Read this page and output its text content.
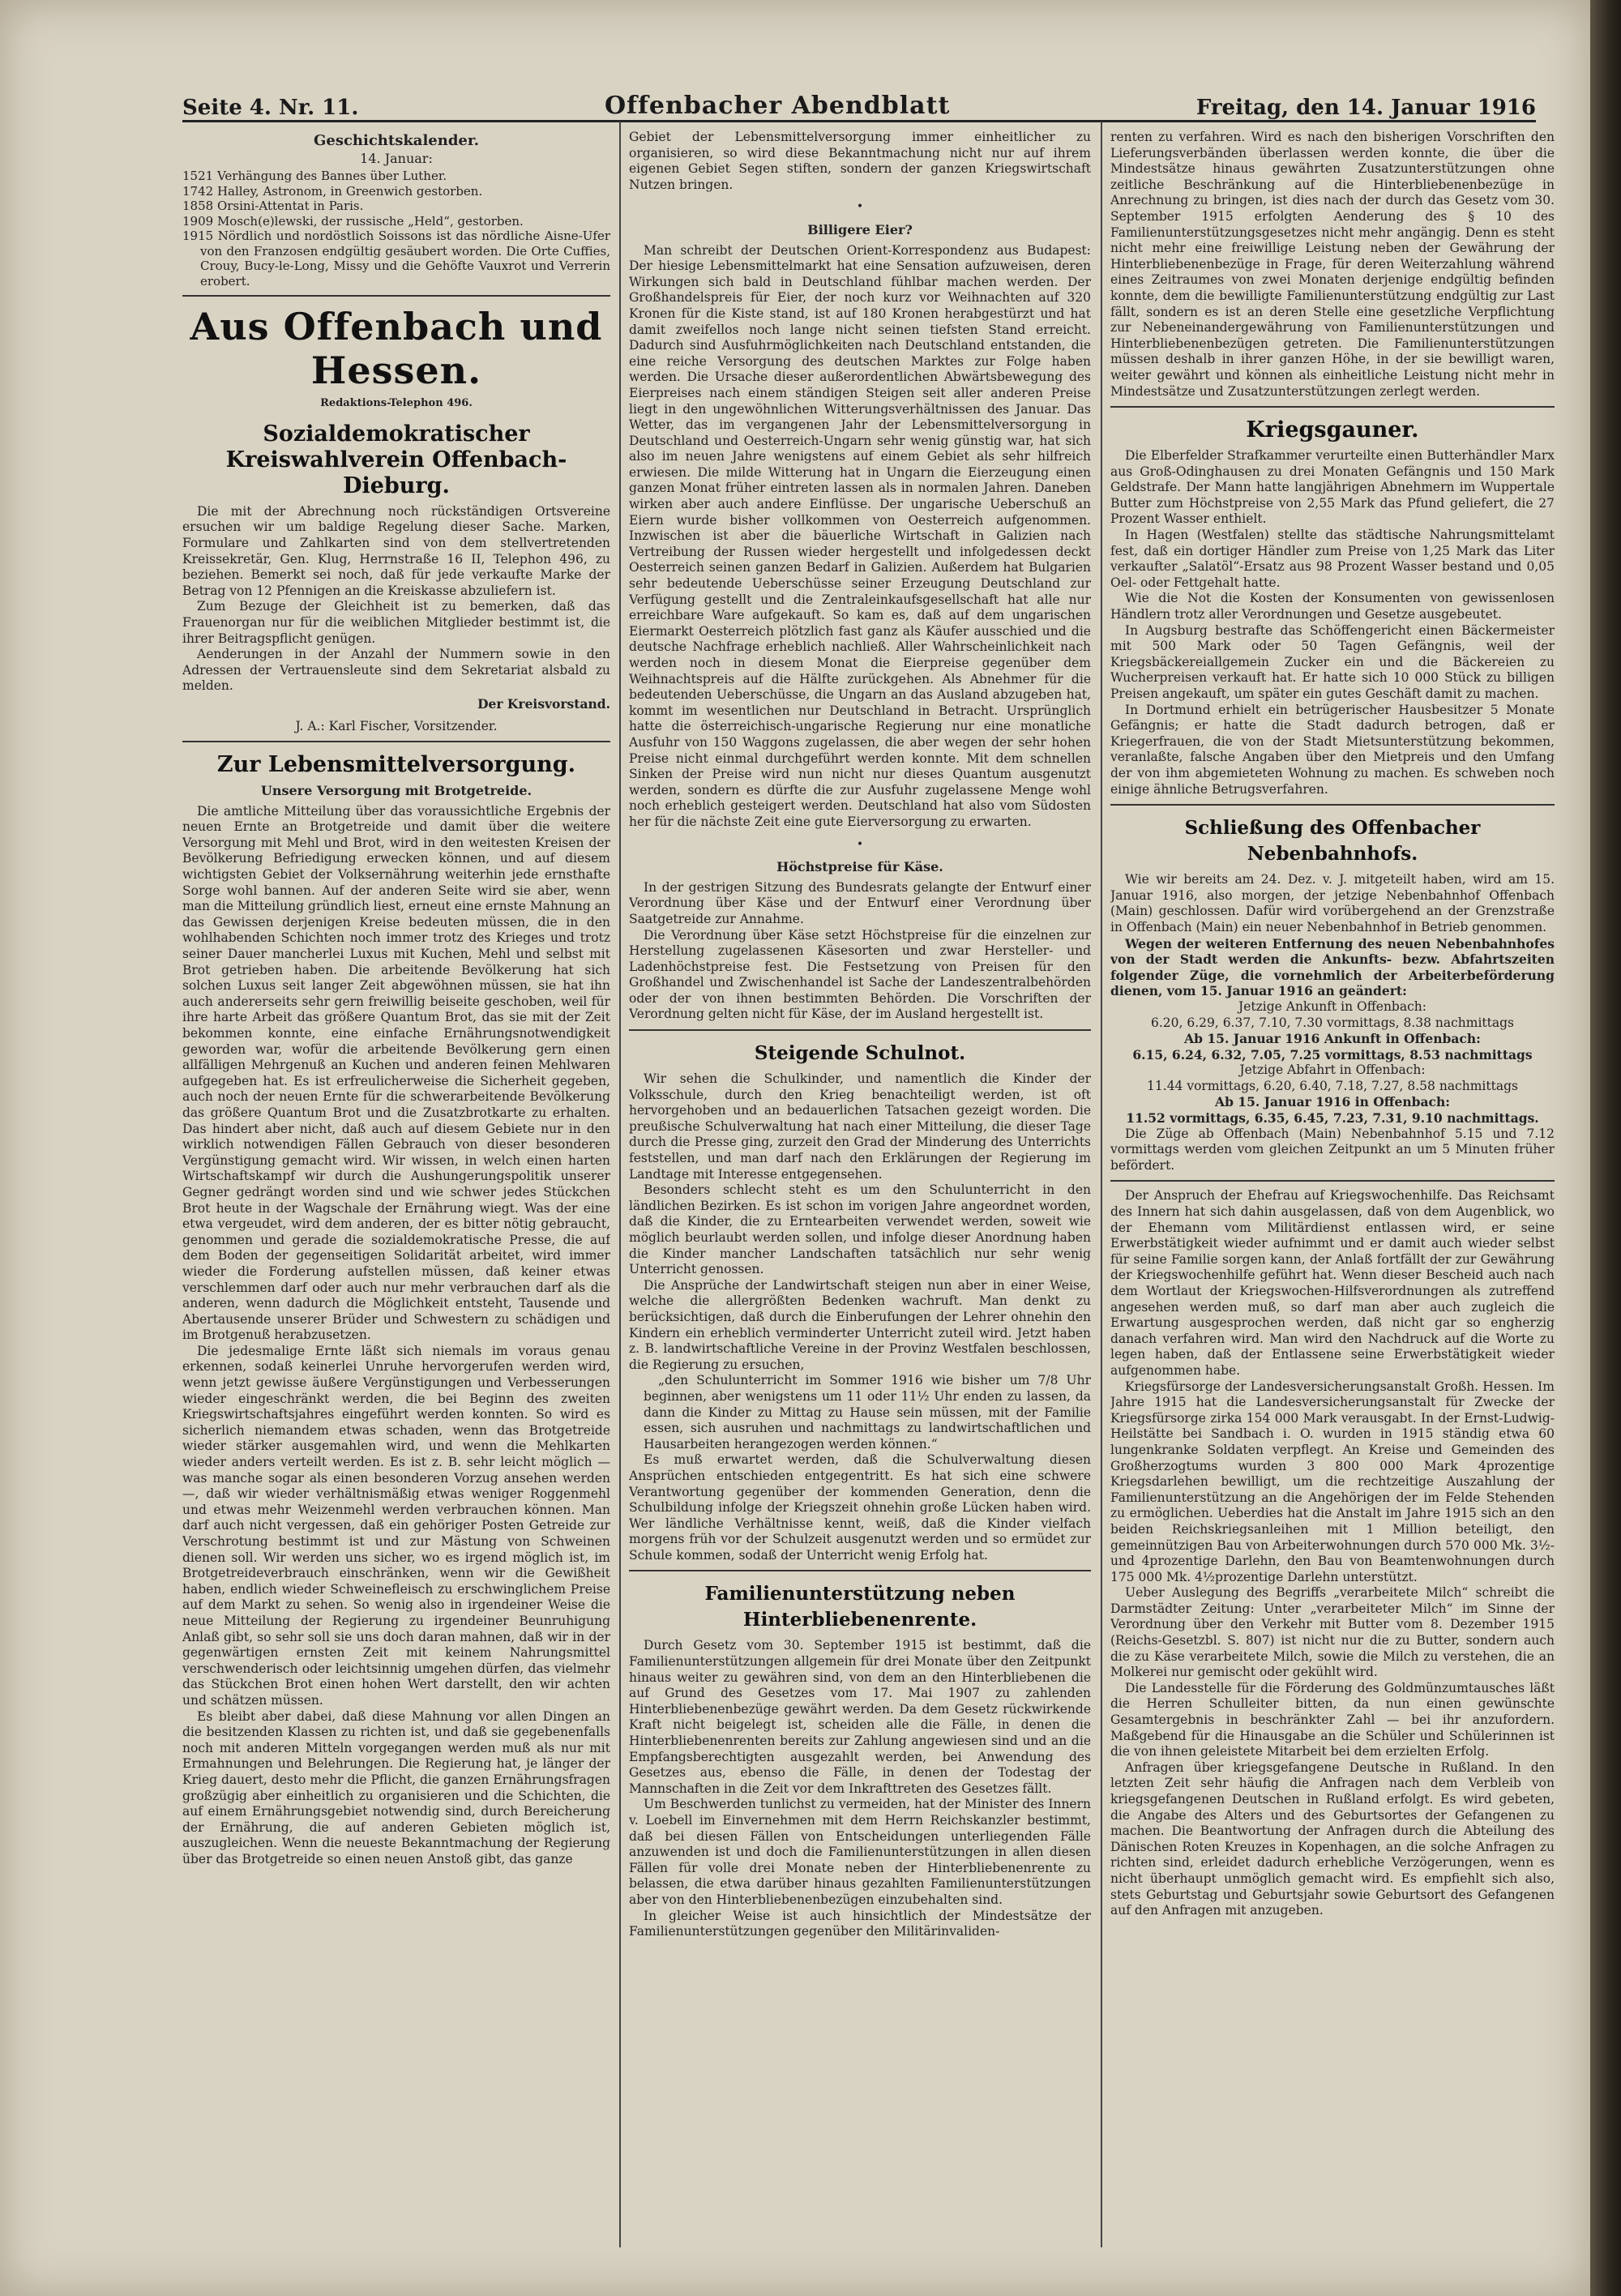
Seite 4. Nr. 11.	Offenbacher Abendblatt	Freitag, den 14. Januar 1916
Geschichtskalender.
14. Januar:

1521 Verhängung des Bannes über Luther.

1742 Halley, Astronom, in Greenwich gestorben.

1858 Orsini-Attentat in Paris.

1909 Mosch(e)lewski, der russische „Held“, gestorben.

1915 Nördlich und nordöstlich Soissons ist das nördliche Aisne-Ufer von den Franzosen endgültig gesäubert worden. Die Orte Cuffies, Crouy, Bucy-le-Long, Missy und die Gehöfte Vauxrot und Verrerin erobert.

Aus Offenbach und Hessen.
Redaktions-Telephon 496.
Sozialdemokratischer Kreiswahlverein Offenbach-Dieburg.

Die mit der Abrechnung noch rückständigen Ortsvereine ersuchen wir um baldige Regelung dieser Sache. Marken, Formulare und Zahlkarten sind von dem stellvertretenden Kreissekretär, Gen. Klug, Herrnstraße 16 II, Telephon 496, zu beziehen. Bemerkt sei noch, daß für jede verkaufte Marke der Betrag von 12 Pfennigen an die Kreiskasse abzuliefern ist.

Zum Bezuge der Gleichheit ist zu bemerken, daß das Frauenorgan nur für die weiblichen Mitglieder bestimmt ist, die ihrer Beitragspflicht genügen.

Aenderungen in der Anzahl der Nummern sowie in den Adressen der Vertrauensleute sind dem Sekretariat alsbald zu melden.

Der Kreisvorstand.
J. A.: Karl Fischer, Vorsitzender.
Zur Lebensmittelversorgung.
Unsere Versorgung mit Brotgetreide.

Die amtliche Mitteilung über das voraussichtliche Ergebnis der neuen Ernte an Brotgetreide und damit über die weitere Versorgung mit Mehl und Brot, wird in den weitesten Kreisen der Bevölkerung Befriedigung erwecken können, und auf diesem wichtigsten Gebiet der Volksernährung weiterhin jede ernsthafte Sorge wohl bannen. Auf der anderen Seite wird sie aber, wenn man die Mitteilung gründlich liest, erneut eine ernste Mahnung an das Gewissen derjenigen Kreise bedeuten müssen, die in den wohlhabenden Schichten noch immer trotz des Krieges und trotz seiner Dauer mancherlei Luxus mit Kuchen, Mehl und selbst mit Brot getrieben haben. Die arbeitende Bevölkerung hat sich solchen Luxus seit langer Zeit abgewöhnen müssen, sie hat ihn auch andererseits sehr gern freiwillig beiseite geschoben, weil für ihre harte Arbeit das größere Quantum Brot, das sie mit der Zeit bekommen konnte, eine einfache Ernährungsnotwendigkeit geworden war, wofür die arbeitende Bevölkerung gern einen allfälligen Mehrgenuß an Kuchen und anderen feinen Mehlwaren aufgegeben hat. Es ist erfreulicherweise die Sicherheit gegeben, auch noch der neuen Ernte für die schwerarbeitende Bevölkerung das größere Quantum Brot und die Zusatzbrotkarte zu erhalten. Das hindert aber nicht, daß auch auf diesem Gebiete nur in den wirklich notwendigen Fällen Gebrauch von dieser besonderen Vergünstigung gemacht wird. Wir wissen, in welch einen harten Wirtschaftskampf wir durch die Aushungerungspolitik unserer Gegner gedrängt worden sind und wie schwer jedes Stückchen Brot heute in der Wagschale der Ernährung wiegt. Was der eine etwa vergeudet, wird dem anderen, der es bitter nötig gebraucht, genommen und gerade die sozialdemokratische Presse, die auf dem Boden der gegenseitigen Solidarität arbeitet, wird immer wieder die Forderung aufstellen müssen, daß keiner etwas verschlemmen darf oder auch nur mehr verbrauchen darf als die anderen, wenn dadurch die Möglichkeit entsteht, Tausende und Abertausende unserer Brüder und Schwestern zu schädigen und im Brotgenuß herabzusetzen.

Die jedesmalige Ernte läßt sich niemals im voraus genau erkennen, sodaß keinerlei Unruhe hervorgerufen werden wird, wenn jetzt gewisse äußere Vergünstigungen und Verbesserungen wieder eingeschränkt werden, die bei Beginn des zweiten Kriegswirtschaftsjahres eingeführt werden konnten. So wird es sicherlich niemandem etwas schaden, wenn das Brotgetreide wieder stärker ausgemahlen wird, und wenn die Mehlkarten wieder anders verteilt werden. Es ist z. B. sehr leicht möglich — was manche sogar als einen besonderen Vorzug ansehen werden —, daß wir wieder verhältnismäßig etwas weniger Roggenmehl und etwas mehr Weizenmehl werden verbrauchen können. Man darf auch nicht vergessen, daß ein gehöriger Posten Getreide zur Verschrotung bestimmt ist und zur Mästung von Schweinen dienen soll. Wir werden uns sicher, wo es irgend möglich ist, im Brotgetreideverbrauch einschränken, wenn wir die Gewißheit haben, endlich wieder Schweinefleisch zu erschwinglichem Preise auf dem Markt zu sehen. So wenig also in irgendeiner Weise die neue Mitteilung der Regierung zu irgendeiner Beunruhigung Anlaß gibt, so sehr soll sie uns doch daran mahnen, daß wir in der gegenwärtigen ernsten Zeit mit keinem Nahrungsmittel verschwenderisch oder leichtsinnig umgehen dürfen, das vielmehr das Stückchen Brot einen hohen Wert darstellt, den wir achten und schätzen müssen.

Es bleibt aber dabei, daß diese Mahnung vor allen Dingen an die besitzenden Klassen zu richten ist, und daß sie gegebenenfalls noch mit anderen Mitteln vorgegangen werden muß als nur mit Ermahnungen und Belehrungen. Die Regierung hat, je länger der Krieg dauert, desto mehr die Pflicht, die ganzen Ernährungsfragen großzügig aber einheitlich zu organisieren und die Schichten, die auf einem Ernährungsgebiet notwendig sind, durch Bereicherung der Ernährung, die auf anderen Gebieten möglich ist, auszugleichen. Wenn die neueste Bekanntmachung der Regierung über das Brotgetreide so einen neuen Anstoß gibt, das ganze

Gebiet der Lebensmittelversorgung immer einheitlicher zu organisieren, so wird diese Bekanntmachung nicht nur auf ihrem eigenen Gebiet Segen stiften, sondern der ganzen Kriegswirtschaft Nutzen bringen.

•
Billigere Eier?

Man schreibt der Deutschen Orient-Korrespondenz aus Budapest: Der hiesige Lebensmittelmarkt hat eine Sensation aufzuweisen, deren Wirkungen sich bald in Deutschland fühlbar machen werden. Der Großhandelspreis für Eier, der noch kurz vor Weihnachten auf 320 Kronen für die Kiste stand, ist auf 180 Kronen herabgestürzt und hat damit zweifellos noch lange nicht seinen tiefsten Stand erreicht. Dadurch sind Ausfuhrmöglichkeiten nach Deutschland entstanden, die eine reiche Versorgung des deutschen Marktes zur Folge haben werden. Die Ursache dieser außerordentlichen Abwärtsbewegung des Eierpreises nach einem ständigen Steigen seit aller anderen Preise liegt in den ungewöhnlichen Witterungsverhältnissen des Januar. Das Wetter, das im vergangenen Jahr der Lebensmittelversorgung in Deutschland und Oesterreich-Ungarn sehr wenig günstig war, hat sich also im neuen Jahre wenigstens auf einem Gebiet als sehr hilfreich erwiesen. Die milde Witterung hat in Ungarn die Eierzeugung einen ganzen Monat früher eintreten lassen als in normalen Jahren. Daneben wirken aber auch andere Einflüsse. Der ungarische Ueberschuß an Eiern wurde bisher vollkommen von Oesterreich aufgenommen. Inzwischen ist aber die bäuerliche Wirtschaft in Galizien nach Vertreibung der Russen wieder hergestellt und infolgedessen deckt Oesterreich seinen ganzen Bedarf in Galizien. Außerdem hat Bulgarien sehr bedeutende Ueberschüsse seiner Erzeugung Deutschland zur Verfügung gestellt und die Zentraleinkaufsgesellschaft hat alle nur erreichbare Ware aufgekauft. So kam es, daß auf dem ungarischen Eiermarkt Oesterreich plötzlich fast ganz als Käufer ausschied und die deutsche Nachfrage erheblich nachließ. Aller Wahrscheinlichkeit nach werden noch in diesem Monat die Eierpreise gegenüber dem Weihnachtspreis auf die Hälfte zurückgehen. Als Abnehmer für die bedeutenden Ueberschüsse, die Ungarn an das Ausland abzugeben hat, kommt im wesentlichen nur Deutschland in Betracht. Ursprünglich hatte die österreichisch-ungarische Regierung nur eine monatliche Ausfuhr von 150 Waggons zugelassen, die aber wegen der sehr hohen Preise nicht einmal durchgeführt werden konnte. Mit dem schnellen Sinken der Preise wird nun nicht nur dieses Quantum ausgenutzt werden, sondern es dürfte die zur Ausfuhr zugelassene Menge wohl noch erheblich gesteigert werden. Deutschland hat also vom Südosten her für die nächste Zeit eine gute Eierversorgung zu erwarten.

•
Höchstpreise für Käse.

In der gestrigen Sitzung des Bundesrats gelangte der Entwurf einer Verordnung über Käse und der Entwurf einer Verordnung über Saatgetreide zur Annahme.

Die Verordnung über Käse setzt Höchstpreise für die einzelnen zur Herstellung zugelassenen Käsesorten und zwar Hersteller- und Ladenhöchstpreise fest. Die Festsetzung von Preisen für den Großhandel und Zwischenhandel ist Sache der Landeszentralbehörden oder der von ihnen bestimmten Behörden. Die Vorschriften der Verordnung gelten nicht für Käse, der im Ausland hergestellt ist.

Steigende Schulnot.

Wir sehen die Schulkinder, und namentlich die Kinder der Volksschule, durch den Krieg benachteiligt werden, ist oft hervorgehoben und an bedauerlichen Tatsachen gezeigt worden. Die preußische Schulverwaltung hat nach einer Mitteilung, die dieser Tage durch die Presse ging, zurzeit den Grad der Minderung des Unterrichts feststellen, und man darf nach den Erklärungen der Regierung im Landtage mit Interesse entgegensehen.

Besonders schlecht steht es um den Schulunterricht in den ländlichen Bezirken. Es ist schon im vorigen Jahre angeordnet worden, daß die Kinder, die zu Erntearbeiten verwendet werden, soweit wie möglich beurlaubt werden sollen, und infolge dieser Anordnung haben die Kinder mancher Landschaften tatsächlich nur sehr wenig Unterricht genossen.

Die Ansprüche der Landwirtschaft steigen nun aber in einer Weise, welche die allergrößten Bedenken wachruft. Man denkt zu berücksichtigen, daß durch die Einberufungen der Lehrer ohnehin den Kindern ein erheblich verminderter Unterricht zuteil wird. Jetzt haben z. B. landwirtschaftliche Vereine in der Provinz Westfalen beschlossen, die Regierung zu ersuchen,

„den Schulunterricht im Sommer 1916 wie bisher um 7/8 Uhr beginnen, aber wenigstens um 11 oder 11½ Uhr enden zu lassen, da dann die Kinder zu Mittag zu Hause sein müssen, mit der Familie essen, sich ausruhen und nachmittags zu landwirtschaftlichen und Hausarbeiten herangezogen werden können.“

Es muß erwartet werden, daß die Schulverwaltung diesen Ansprüchen entschieden entgegentritt. Es hat sich eine schwere Verantwortung gegenüber der kommenden Generation, denn die Schulbildung infolge der Kriegszeit ohnehin große Lücken haben wird. Wer ländliche Verhältnisse kennt, weiß, daß die Kinder vielfach morgens früh vor der Schulzeit ausgenutzt werden und so ermüdet zur Schule kommen, sodaß der Unterricht wenig Erfolg hat.

Familienunterstützung neben Hinterbliebenenrente.

Durch Gesetz vom 30. September 1915 ist bestimmt, daß die Familienunterstützungen allgemein für drei Monate über den Zeitpunkt hinaus weiter zu gewähren sind, von dem an den Hinterbliebenen die auf Grund des Gesetzes vom 17. Mai 1907 zu zahlenden Hinterbliebenenbezüge gewährt werden. Da dem Gesetz rückwirkende Kraft nicht beigelegt ist, scheiden alle die Fälle, in denen die Hinterbliebenenrenten bereits zur Zahlung angewiesen sind und an die Empfangsberechtigten ausgezahlt werden, bei Anwendung des Gesetzes aus, ebenso die Fälle, in denen der Todestag der Mannschaften in die Zeit vor dem Inkrafttreten des Gesetzes fällt.

Um Beschwerden tunlichst zu vermeiden, hat der Minister des Innern v. Loebell im Einvernehmen mit dem Herrn Reichskanzler bestimmt, daß bei diesen Fällen von Entscheidungen unterliegenden Fälle anzuwenden ist und doch die Familienunterstützungen in allen diesen Fällen für volle drei Monate neben der Hinterbliebenenrente zu belassen, die etwa darüber hinaus gezahlten Familienunterstützungen aber von den Hinterbliebenenbezügen einzubehalten sind.

In gleicher Weise ist auch hinsichtlich der Mindestsätze der Familienunterstützungen gegenüber den Militärinvaliden-

renten zu verfahren. Wird es nach den bisherigen Vorschriften den Lieferungsverbänden überlassen werden konnte, die über die Mindestsätze hinaus gewährten Zusatzunterstützungen ohne zeitliche Beschränkung auf die Hinterbliebenenbezüge in Anrechnung zu bringen, ist dies nach der durch das Gesetz vom 30. September 1915 erfolgten Aenderung des § 10 des Familienunterstützungsgesetzes nicht mehr angängig. Denn es steht nicht mehr eine freiwillige Leistung neben der Gewährung der Hinterbliebenenbezüge in Frage, für deren Weiterzahlung während eines Zeitraumes von zwei Monaten derjenige endgültig befinden konnte, dem die bewilligte Familienunterstützung endgültig zur Last fällt, sondern es ist an deren Stelle eine gesetzliche Verpflichtung zur Nebeneinandergewährung von Familienunterstützungen und Hinterbliebenenbezügen getreten. Die Familienunterstützungen müssen deshalb in ihrer ganzen Höhe, in der sie bewilligt waren, weiter gewährt und können als einheitliche Leistung nicht mehr in Mindestsätze und Zusatzunterstützungen zerlegt werden.

Kriegsgauner.

Die Elberfelder Strafkammer verurteilte einen Butterhändler Marx aus Groß-Odinghausen zu drei Monaten Gefängnis und 150 Mark Geldstrafe. Der Mann hatte langjährigen Abnehmern im Wuppertale Butter zum Höchstpreise von 2,55 Mark das Pfund geliefert, die 27 Prozent Wasser enthielt.

In Hagen (Westfalen) stellte das städtische Nahrungsmittelamt fest, daß ein dortiger Händler zum Preise von 1,25 Mark das Liter verkaufter „Salatöl“-Ersatz aus 98 Prozent Wasser bestand und 0,05 Oel- oder Fettgehalt hatte.

Wie die Not die Kosten der Konsumenten von gewissenlosen Händlern trotz aller Verordnungen und Gesetze ausgebeutet.

In Augsburg bestrafte das Schöffengericht einen Bäckermeister mit 500 Mark oder 50 Tagen Gefängnis, weil der Kriegsbäckereiallgemein Zucker ein und die Bäckereien zu Wucherpreisen verkauft hat. Er hatte sich 10 000 Stück zu billigen Preisen angekauft, um später ein gutes Geschäft damit zu machen.

In Dortmund erhielt ein betrügerischer Hausbesitzer 5 Monate Gefängnis; er hatte die Stadt dadurch betrogen, daß er Kriegerfrauen, die von der Stadt Mietsunterstützung bekommen, veranlaßte, falsche Angaben über den Mietpreis und den Umfang der von ihm abgemieteten Wohnung zu machen. Es schweben noch einige ähnliche Betrugsverfahren.

Schließung des Offenbacher Nebenbahnhofs.

Wie wir bereits am 24. Dez. v. J. mitgeteilt haben, wird am 15. Januar 1916, also morgen, der jetzige Nebenbahnhof Offenbach (Main) geschlossen. Dafür wird vorübergehend an der Grenzstraße in Offenbach (Main) ein neuer Nebenbahnhof in Betrieb genommen.

Wegen der weiteren Entfernung des neuen Nebenbahnhofes von der Stadt werden die Ankunfts- bezw. Abfahrtszeiten folgender Züge, die vornehmlich der Arbeiterbeförderung dienen, vom 15. Januar 1916 an geändert:

Jetzige Ankunft in Offenbach:
6.20, 6.29, 6.37, 7.10, 7.30 vormittags, 8.38 nachmittags
Ab 15. Januar 1916 Ankunft in Offenbach:
6.15, 6.24, 6.32, 7.05, 7.25 vormittags, 8.53 nachmittags
Jetzige Abfahrt in Offenbach:
11.44 vormittags, 6.20, 6.40, 7.18, 7.27, 8.58 nachmittags
Ab 15. Januar 1916 in Offenbach:
11.52 vormittags, 6.35, 6.45, 7.23, 7.31, 9.10 nachmittags.

Die Züge ab Offenbach (Main) Nebenbahnhof 5.15 und 7.12 vormittags werden vom gleichen Zeitpunkt an um 5 Minuten früher befördert.

Der Anspruch der Ehefrau auf Kriegswochenhilfe. Das Reichsamt des Innern hat sich dahin ausgelassen, daß von dem Augenblick, wo der Ehemann vom Militärdienst entlassen wird, er seine Erwerbstätigkeit wieder aufnimmt und er damit auch wieder selbst für seine Familie sorgen kann, der Anlaß fortfällt der zur Gewährung der Kriegswochenhilfe geführt hat. Wenn dieser Bescheid auch nach dem Wortlaut der Kriegswochen-Hilfsverordnungen als zutreffend angesehen werden muß, so darf man aber auch zugleich die Erwartung ausgesprochen werden, daß nicht gar so engherzig danach verfahren wird. Man wird den Nachdruck auf die Worte zu legen haben, daß der Entlassene seine Erwerbstätigkeit wieder aufgenommen habe.

Kriegsfürsorge der Landesversicherungsanstalt Großh. Hessen. Im Jahre 1915 hat die Landesversicherungsanstalt für Zwecke der Kriegsfürsorge zirka 154 000 Mark verausgabt. In der Ernst-Ludwig-Heilstätte bei Sandbach i. O. wurden in 1915 ständig etwa 60 lungenkranke Soldaten verpflegt. An Kreise und Gemeinden des Großherzogtums wurden 3 800 000 Mark 4prozentige Kriegsdarlehen bewilligt, um die rechtzeitige Auszahlung der Familienunterstützung an die Angehörigen der im Felde Stehenden zu ermöglichen. Ueberdies hat die Anstalt im Jahre 1915 sich an den beiden Reichskriegsanleihen mit 1 Million beteiligt, den gemeinnützigen Bau von Arbeiterwohnungen durch 570 000 Mk. 3½- und 4prozentige Darlehn, den Bau von Beamtenwohnungen durch 175 000 Mk. 4½prozentige Darlehn unterstützt.

Ueber Auslegung des Begriffs „verarbeitete Milch“ schreibt die Darmstädter Zeitung: Unter „verarbeiteter Milch“ im Sinne der Verordnung über den Verkehr mit Butter vom 8. Dezember 1915 (Reichs-Gesetzbl. S. 807) ist nicht nur die zu Butter, sondern auch die zu Käse verarbeitete Milch, sowie die Milch zu verstehen, die an Molkerei nur gemischt oder gekühlt wird.

Die Landesstelle für die Förderung des Goldmünzumtausches läßt die Herren Schulleiter bitten, da nun einen gewünschte Gesamtergebnis in beschränkter Zahl — bei ihr anzufordern. Maßgebend für die Hinausgabe an die Schüler und Schülerinnen ist die von ihnen geleistete Mitarbeit bei dem erzielten Erfolg.

Anfragen über kriegsgefangene Deutsche in Rußland. In den letzten Zeit sehr häufig die Anfragen nach dem Verbleib von kriegsgefangenen Deutschen in Rußland erfolgt. Es wird gebeten, die Angabe des Alters und des Geburtsortes der Gefangenen zu machen. Die Beantwortung der Anfragen durch die Abteilung des Dänischen Roten Kreuzes in Kopenhagen, an die solche Anfragen zu richten sind, erleidet dadurch erhebliche Verzögerungen, wenn es nicht überhaupt unmöglich gemacht wird. Es empfiehlt sich also, stets Geburtstag und Geburtsjahr sowie Geburtsort des Gefangenen auf den Anfragen mit anzugeben.
